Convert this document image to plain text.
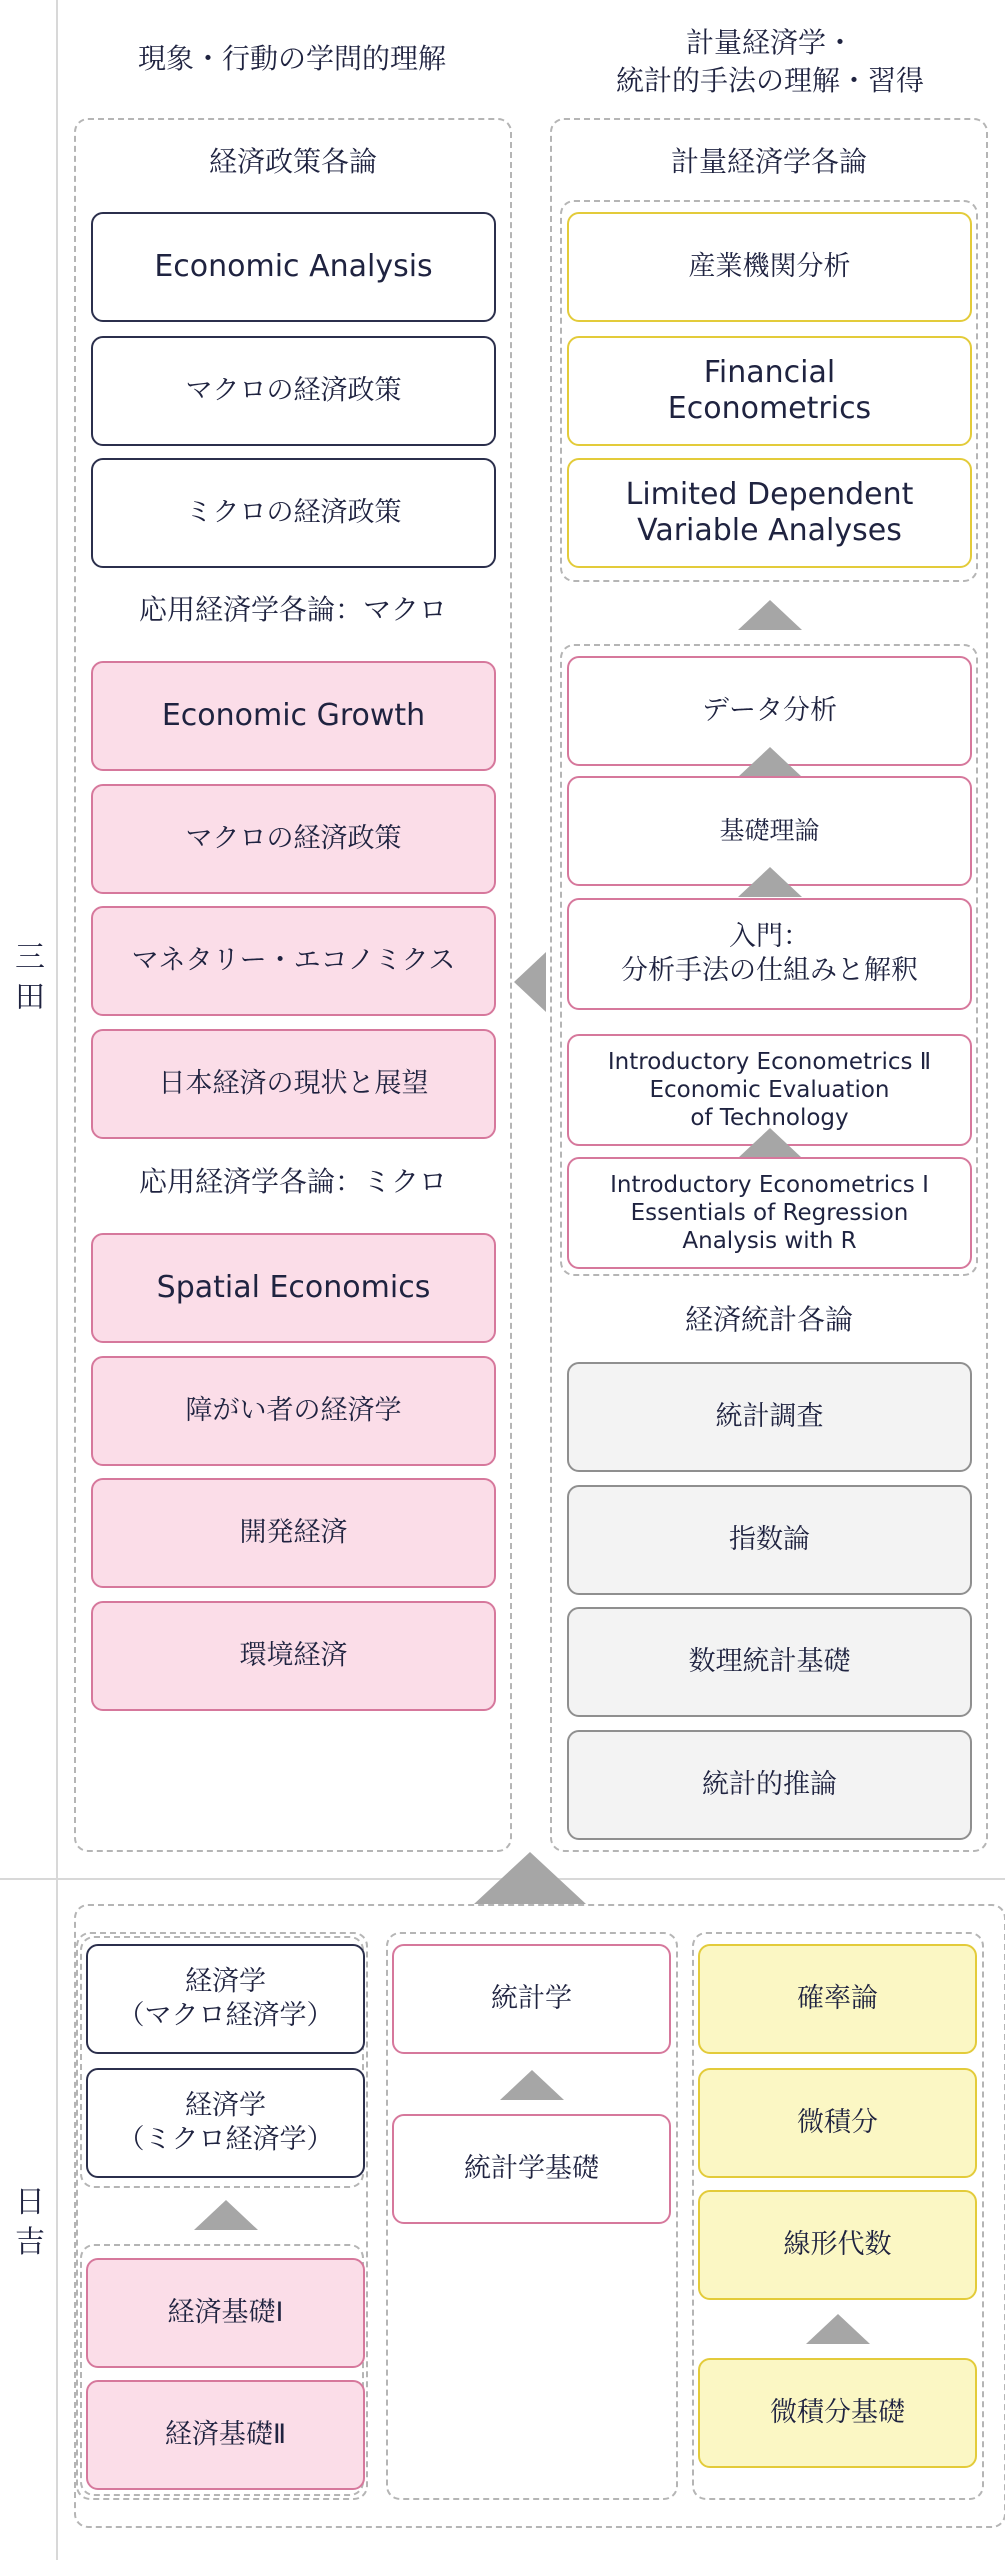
三田
日吉
現象・行動の学問的理解	計量経済学・
統計的手法の理解・習得
経済政策各論
Economic Analysis
マクロの経済政策
ミクロの経済政策
応用経済学各論：マクロ
Economic Growth
マクロの経済政策
マネタリー・エコノミクス
日本経済の現状と展望
応用経済学各論：ミクロ
Spatial Economics
障がい者の経済学
開発経済
環境経済
計量経済学各論
産業機関分析
Financial
Econometrics
Limited Dependent
Variable Analyses
データ分析
基礎理論
入門：
分析手法の仕組みと解釈
Introductory Econometrics Ⅱ
Economic Evaluation
of Technology
Introductory Econometrics Ⅰ
Essentials of Regression
Analysis with R
経済統計各論
統計調査
指数論
数理統計基礎
統計的推論
経済学
（マクロ経済学）
経済学
（ミクロ経済学）
経済基礎Ⅰ
経済基礎Ⅱ
統計学
統計学基礎
確率論
微積分
線形代数
微積分基礎
